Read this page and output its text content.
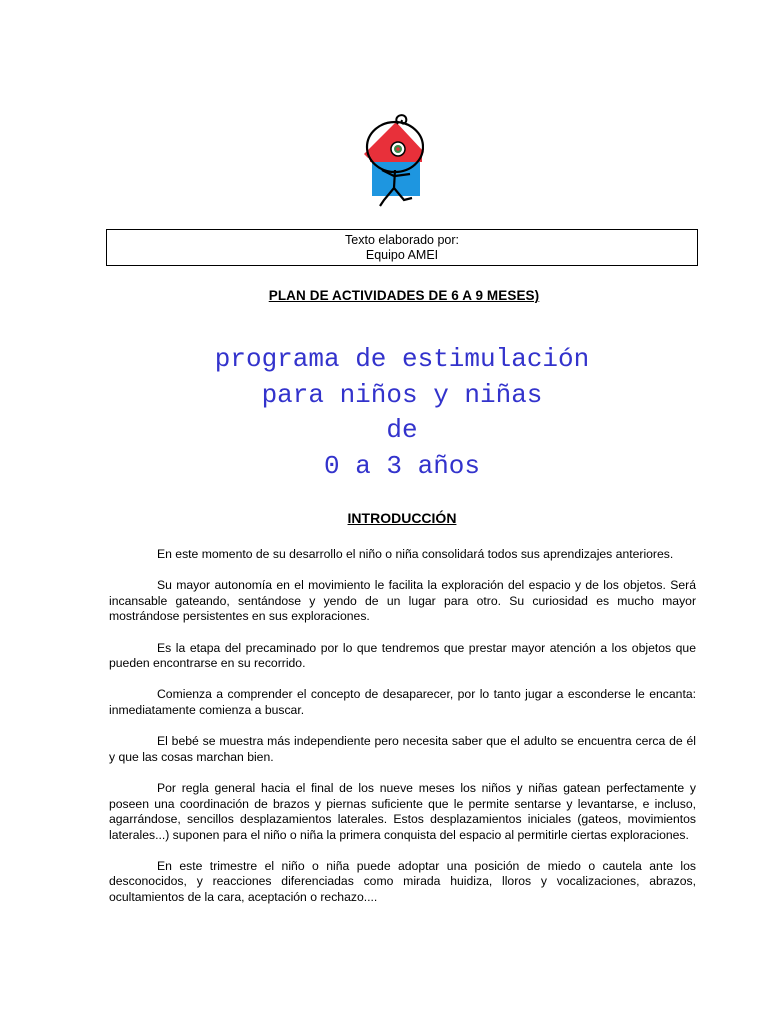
Texto elaborado por:
Equipo AMEI
PLAN DE ACTIVIDADES DE 6 A 9 MESES)
programa de estimulación
para niños y niñas
de
0 a 3 años
INTRODUCCIÓN

En este momento de su desarrollo el niño o niña consolidará todos sus aprendizajes anteriores.

Su mayor autonomía en el movimiento le facilita la exploración del espacio y de los objetos. Será incansable gateando, sentándose y yendo de un lugar para otro. Su curiosidad es mucho mayor mostrándose persistentes en sus exploraciones.

Es la etapa del precaminado por lo que tendremos que prestar mayor atención a los objetos que pueden encontrarse en su recorrido.

Comienza a comprender el concepto de desaparecer, por lo tanto jugar a esconderse le encanta: inmediatamente comienza a buscar.

El bebé se muestra más independiente pero necesita saber que el adulto se encuentra cerca de él y que las cosas marchan bien.

Por regla general hacia el final de los nueve meses los niños y niñas gatean perfectamente y poseen una coordinación de brazos y piernas suficiente que le permite sentarse y levantarse, e incluso, agarrándose, sencillos desplazamientos laterales. Estos desplazamientos iniciales (gateos, movimientos laterales...) suponen para el niño o niña la primera conquista del espacio al permitirle ciertas exploraciones.

En este trimestre el niño o niña puede adoptar una posición de miedo o cautela ante los desconocidos, y reacciones diferenciadas como mirada huidiza, lloros y vocalizaciones, abrazos, ocultamientos de la cara, aceptación o rechazo....
